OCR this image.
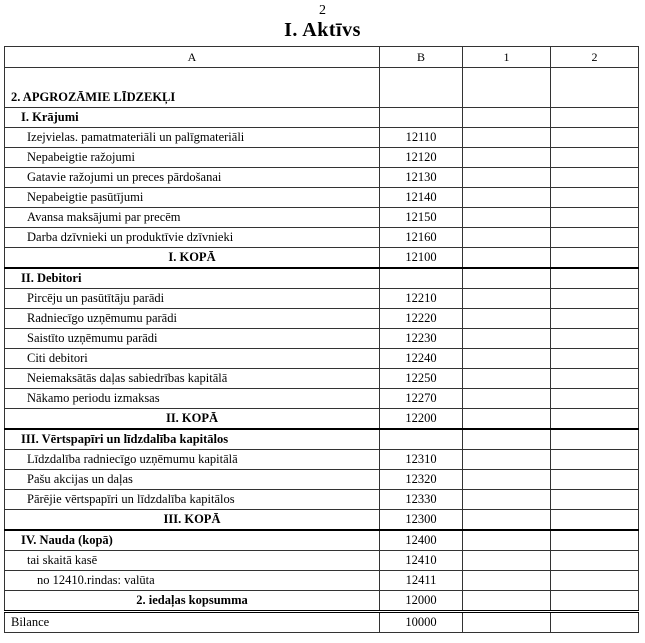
2
I. Aktīvs
A	B	1	2

2. APGROZĀMIE LĪDZEKĻI			
I. Krājumi			
Izejvielas. pamatmateriāli un palīgmateriāli	12110		
Nepabeigtie ražojumi	12120		
Gatavie ražojumi un preces pārdošanai	12130		
Nepabeigtie pasūtījumi	12140		
Avansa maksājumi par precēm	12150		
Darba dzīvnieki un produktīvie dzīvnieki	12160		
I. KOPĀ	12100		
II. Debitori			
Pircēju un pasūtītāju parādi	12210		
Radniecīgo uzņēmumu parādi	12220		
Saistīto uzņēmumu parādi	12230		
Citi debitori	12240		
Neiemaksātās daļas sabiedrības kapitālā	12250		
Nākamo periodu izmaksas	12270		
II. KOPĀ	12200		
III. Vērtspapīri un līdzdalība kapitālos			
Līdzdalība radniecīgo uzņēmumu kapitālā	12310		
Pašu akcijas un daļas	12320		
Pārējie vērtspapīri un līdzdalība kapitālos	12330		
III. KOPĀ	12300		
IV. Nauda (kopā)	12400		
tai skaitā kasē	12410		
no 12410.rindas: valūta	12411		
2. iedaļas kopsumma	12000		
Bilance	10000		
